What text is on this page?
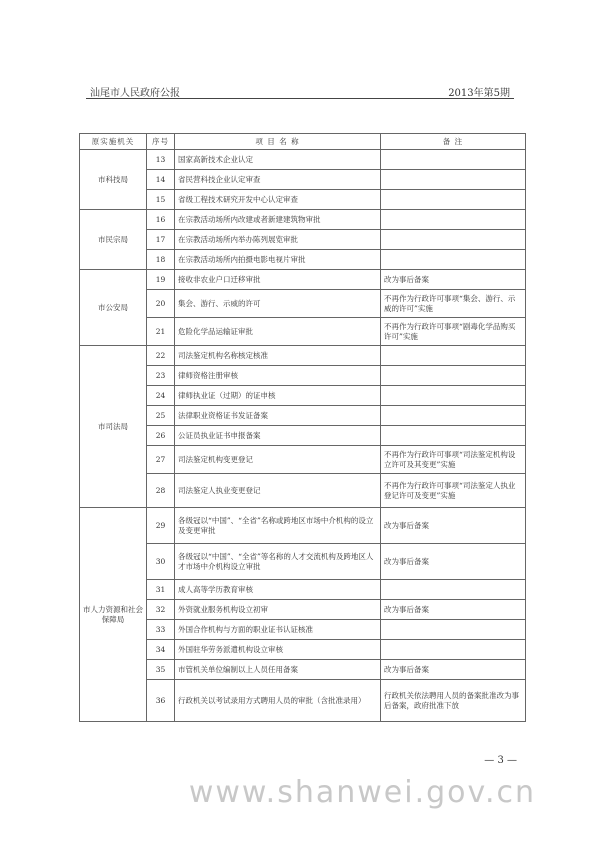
汕尾市人民政府公报	2013年第5期
原实施机关	序号	项 目 名 称	备 注
市科技局	13	国家高新技术企业认定	
	14	省民营科技企业认定审查	
	15	省级工程技术研究开发中心认定审查	
市民宗局	16	在宗教活动场所内改建或者新建建筑物审批	
	17	在宗教活动场所内举办陈列展览审批	
	18	在宗教活动场所内拍摄电影电视片审批	
市公安局	19	接收非农业户口迁移审批	改为事后备案
	20	集会、游行、示威的许可	不再作为行政许可事项“集会、游行、示威的许可”实施
	21	危险化学品运输证审批	不再作为行政许可事项“剧毒化学品购买许可”实施
市司法局	22	司法鉴定机构名称核定核准	
	23	律师资格注册审核	
	24	律师执业证（过期）的证申核	
	25	法律职业资格证书发证备案	
	26	公证员执业证书申报备案	
	27	司法鉴定机构变更登记	不再作为行政许可事项“司法鉴定机构设立许可及其变更”实施
	28	司法鉴定人执业变更登记	不再作为行政许可事项“司法鉴定人执业登记许可及变更”实施
市人力资源和社会保障局	29	各级冠以“中国”、“全省”名称或跨地区市场中介机构的设立及变更审批	改为事后备案
	30	各级冠以“中国”、“全省”等名称的人才交流机构及跨地区人才市场中介机构设立审批	改为事后备案
	31	成人高等学历教育审核	
	32	外资就业服务机构设立初审	改为事后备案
	33	外国合作机构与方面的职业证书认证核准	
	34	外国驻华劳务派遣机构设立审核	
	35	市管机关单位编制以上人员任用备案	改为事后备案
	36	行政机关以考试录用方式聘用人员的审批（含批准录用）	行政机关依法聘用人员的备案批准改为事后备案，政府批准下放
— 3 —
www.shanwei.gov.cn
